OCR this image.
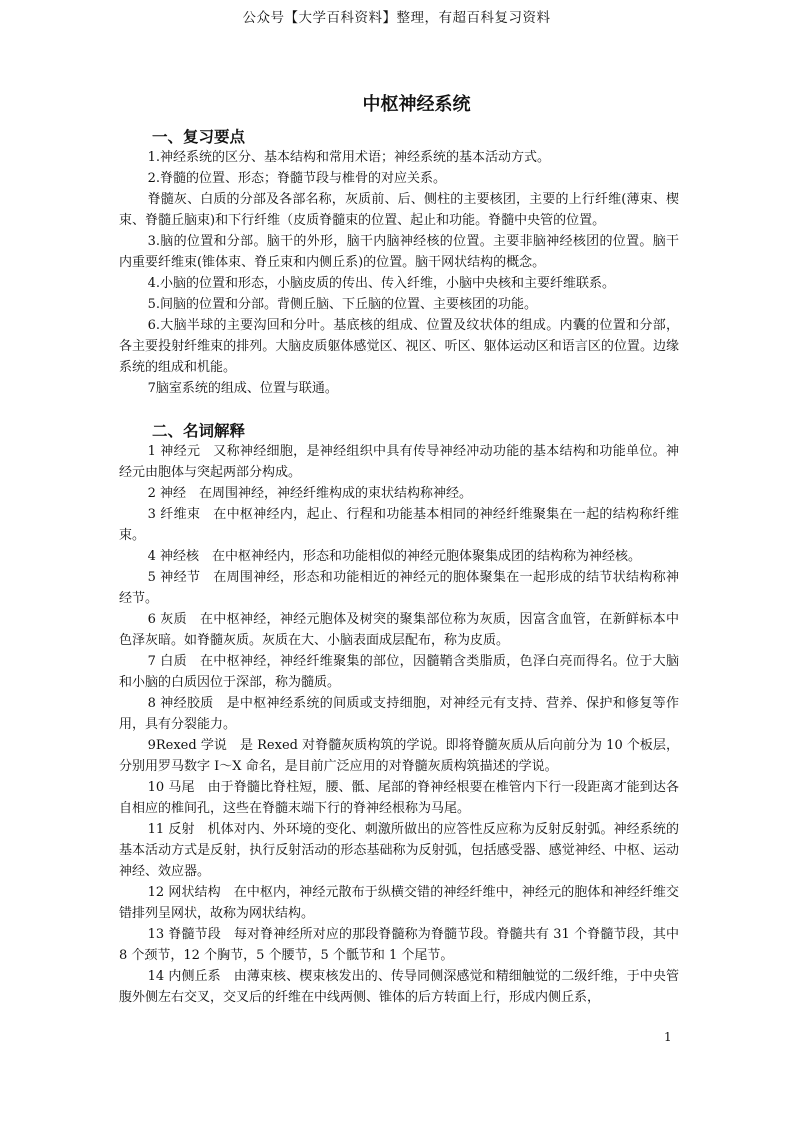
公众号【大学百科资料】整理，有超百科复习资料
中枢神经系统
一、复习要点

1.神经系统的区分、基本结构和常用术语；神经系统的基本活动方式。

2.脊髓的位置、形态；脊髓节段与椎骨的对应关系。

脊髓灰、白质的分部及各部名称，灰质前、后、侧柱的主要核团，主要的上行纤维(薄束、楔束、脊髓丘脑束)和下行纤维（皮质脊髓束的位置、起止和功能。脊髓中央管的位置。

3.脑的位置和分部。脑干的外形，脑干内脑神经核的位置。主要非脑神经核团的位置。脑干内重要纤维束(锥体束、脊丘束和内侧丘系)的位置。脑干网状结构的概念。

4.小脑的位置和形态，小脑皮质的传出、传入纤维，小脑中央核和主要纤维联系。

5.间脑的位置和分部。背侧丘脑、下丘脑的位置、主要核团的功能。

6.大脑半球的主要沟回和分叶。基底核的组成、位置及纹状体的组成。内囊的位置和分部，各主要投射纤维束的排列。大脑皮质躯体感觉区、视区、听区、躯体运动区和语言区的位置。边缘系统的组成和机能。

7脑室系统的组成、位置与联通。

二、名词解释

1 神经元 又称神经细胞，是神经组织中具有传导神经冲动功能的基本结构和功能单位。神经元由胞体与突起两部分构成。

2 神经 在周围神经，神经纤维构成的束状结构称神经。

3 纤维束 在中枢神经内，起止、行程和功能基本相同的神经纤维聚集在一起的结构称纤维束。

4 神经核 在中枢神经内，形态和功能相似的神经元胞体聚集成团的结构称为神经核。

5 神经节 在周围神经，形态和功能相近的神经元的胞体聚集在一起形成的结节状结构称神经节。

6 灰质 在中枢神经，神经元胞体及树突的聚集部位称为灰质，因富含血管，在新鲜标本中色泽灰暗。如脊髓灰质。灰质在大、小脑表面成层配布，称为皮质。

7 白质 在中枢神经，神经纤维聚集的部位，因髓鞘含类脂质，色泽白亮而得名。位于大脑和小脑的白质因位于深部，称为髓质。

8 神经胶质 是中枢神经系统的间质或支持细胞，对神经元有支持、营养、保护和修复等作用，具有分裂能力。

9Rexed 学说 是 Rexed 对脊髓灰质构筑的学说。即将脊髓灰质从后向前分为 10 个板层，分别用罗马数字 I～X 命名，是目前广泛应用的对脊髓灰质构筑描述的学说。

10 马尾 由于脊髓比脊柱短，腰、骶、尾部的脊神经根要在椎管内下行一段距离才能到达各自相应的椎间孔，这些在脊髓末端下行的脊神经根称为马尾。

11 反射 机体对内、外环境的变化、刺激所做出的应答性反应称为反射反射弧。神经系统的基本活动方式是反射，执行反射活动的形态基础称为反射弧，包括感受器、感觉神经、中枢、运动神经、效应器。

12 网状结构 在中枢内，神经元散布于纵横交错的神经纤维中，神经元的胞体和神经纤维交错排列呈网状，故称为网状结构。

13 脊髓节段 每对脊神经所对应的那段脊髓称为脊髓节段。脊髓共有 31 个脊髓节段，其中 8 个颈节，12 个胸节，5 个腰节，5 个骶节和 1 个尾节。

14 内侧丘系 由薄束核、楔束核发出的、传导同侧深感觉和精细触觉的二级纤维，于中央管腹外侧左右交叉，交叉后的纤维在中线两侧、锥体的后方转面上行，形成内侧丘系，

1
